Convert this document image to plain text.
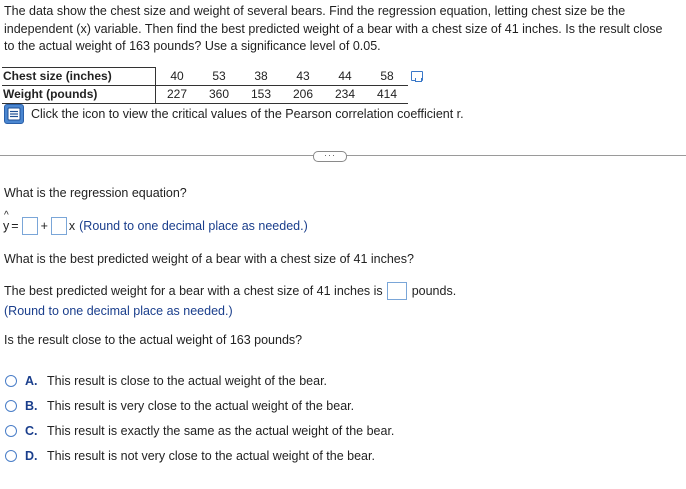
The data show the chest size and weight of several bears. Find the regression equation, letting chest size be the independent (x) variable. Then find the best predicted weight of a bear with a chest size of 41 inches. Is the result close to the actual weight of 163 pounds? Use a significance level of 0.05.
Chest size (inches)	40	53	38	43	44	58	
Weight (pounds)	227	360	153	206	234	414	
Click the icon to view the critical values of the Pearson correlation coefficient r.
···
What is the regression equation?
^
y = + x (Round to one decimal place as needed.)
What is the best predicted weight of a bear with a chest size of 41 inches?
The best predicted weight for a bear with a chest size of 41 inches is pounds.
(Round to one decimal place as needed.)
Is the result close to the actual weight of 163 pounds?
A. This result is close to the actual weight of the bear.
B. This result is very close to the actual weight of the bear.
C. This result is exactly the same as the actual weight of the bear.
D. This result is not very close to the actual weight of the bear.
